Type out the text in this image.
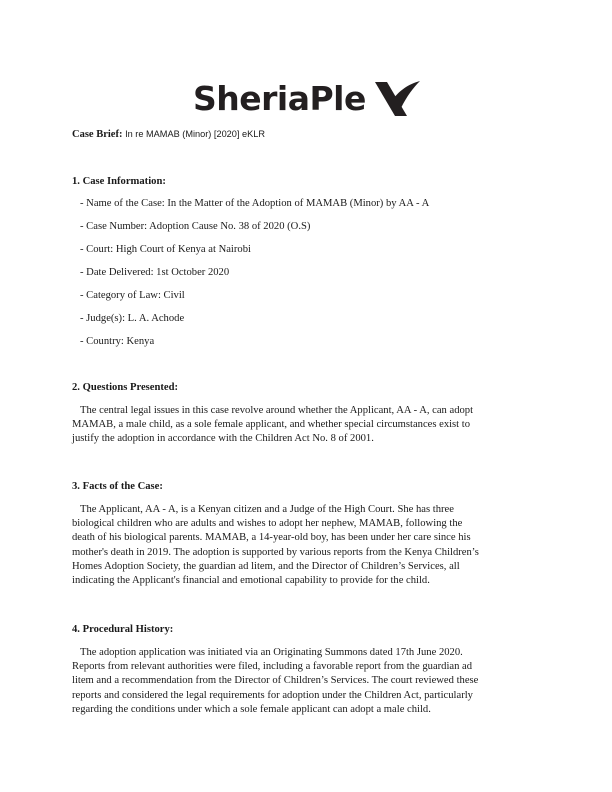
SheriaPle
Case Brief: In re MAMAB (Minor) [2020] eKLR
1. Case Information:
- Name of the Case: In the Matter of the Adoption of MAMAB (Minor) by AA - A
- Case Number: Adoption Cause No. 38 of 2020 (O.S)
- Court: High Court of Kenya at Nairobi
- Date Delivered: 1st October 2020
- Category of Law: Civil
- Judge(s): L. A. Achode
- Country: Kenya
2. Questions Presented:
The central legal issues in this case revolve around whether the Applicant, AA - A, can adopt
MAMAB, a male child, as a sole female applicant, and whether special circumstances exist to
justify the adoption in accordance with the Children Act No. 8 of 2001.
3. Facts of the Case:
The Applicant, AA - A, is a Kenyan citizen and a Judge of the High Court. She has three
biological children who are adults and wishes to adopt her nephew, MAMAB, following the
death of his biological parents. MAMAB, a 14-year-old boy, has been under her care since his
mother's death in 2019. The adoption is supported by various reports from the Kenya Children’s
Homes Adoption Society, the guardian ad litem, and the Director of Children’s Services, all
indicating the Applicant's financial and emotional capability to provide for the child.
4. Procedural History:
The adoption application was initiated via an Originating Summons dated 17th June 2020.
Reports from relevant authorities were filed, including a favorable report from the guardian ad
litem and a recommendation from the Director of Children’s Services. The court reviewed these
reports and considered the legal requirements for adoption under the Children Act, particularly
regarding the conditions under which a sole female applicant can adopt a male child.
